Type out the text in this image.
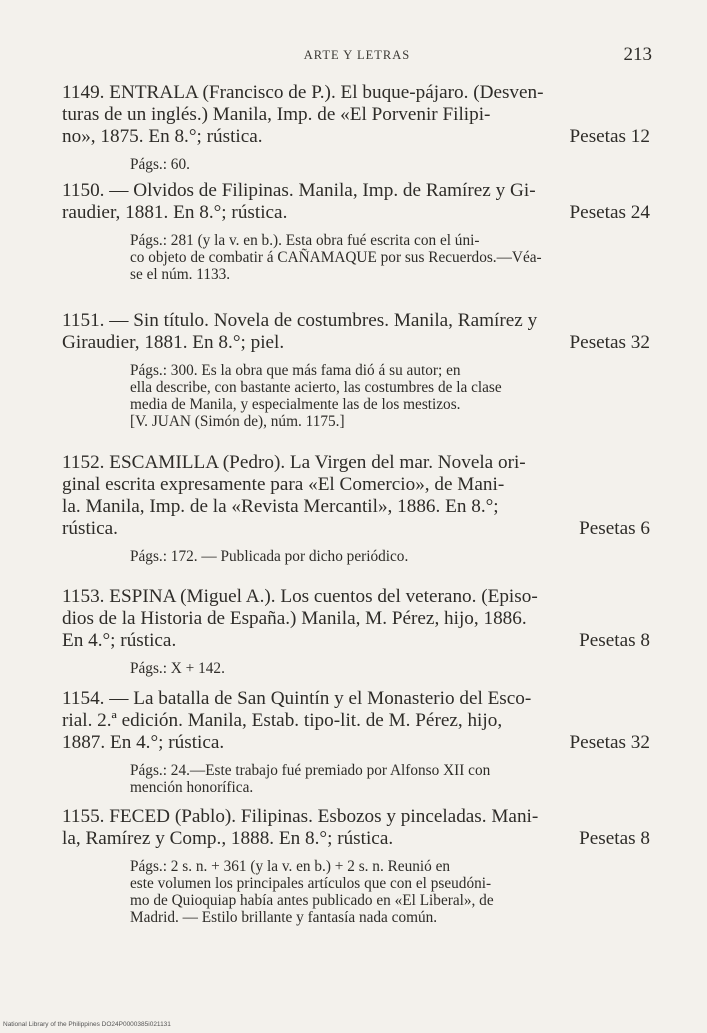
ARTE Y LETRAS	213
1149. ENTRALA (Francisco de P.). El buque-pájaro. (Desven-
turas de un inglés.) Manila, Imp. de «El Porvenir Filipi-
no», 1875. En 8.°; rústica.	Pesetas 12
Págs.: 60.
1150. — Olvidos de Filipinas. Manila, Imp. de Ramírez y Gi-
raudier, 1881. En 8.°; rústica.	Pesetas 24
Págs.: 281 (y la v. en b.). Esta obra fué escrita con el úni-
co objeto de combatir á CAÑAMAQUE por sus Recuerdos.—Véa-
se el núm. 1133.
1151. — Sin título. Novela de costumbres. Manila, Ramírez y
Giraudier, 1881. En 8.°; piel.	Pesetas 32
Págs.: 300. Es la obra que más fama dió á su autor; en
ella describe, con bastante acierto, las costumbres de la clase
media de Manila, y especialmente las de los mestizos.
[V. JUAN (Simón de), núm. 1175.]
1152. ESCAMILLA (Pedro). La Virgen del mar. Novela ori-
ginal escrita expresamente para «El Comercio», de Mani-
la. Manila, Imp. de la «Revista Mercantil», 1886. En 8.°;
rústica.	Pesetas 6
Págs.: 172. — Publicada por dicho periódico.
1153. ESPINA (Miguel A.). Los cuentos del veterano. (Episo-
dios de la Historia de España.) Manila, M. Pérez, hijo, 1886.
En 4.°; rústica.	Pesetas 8
Págs.: X + 142.
1154. — La batalla de San Quintín y el Monasterio del Esco-
rial. 2.ª edición. Manila, Estab. tipo-lit. de M. Pérez, hijo,
1887. En 4.°; rústica.	Pesetas 32
Págs.: 24.—Este trabajo fué premiado por Alfonso XII con
mención honorífica.
1155. FECED (Pablo). Filipinas. Esbozos y pinceladas. Mani-
la, Ramírez y Comp., 1888. En 8.°; rústica.	Pesetas 8
Págs.: 2 s. n. + 361 (y la v. en b.) + 2 s. n. Reunió en
este volumen los principales artículos que con el pseudóni-
mo de Quioquiap había antes publicado en «El Liberal», de
Madrid. — Estilo brillante y fantasía nada común.
National Library of the Philippines DO24P0000385i021131
